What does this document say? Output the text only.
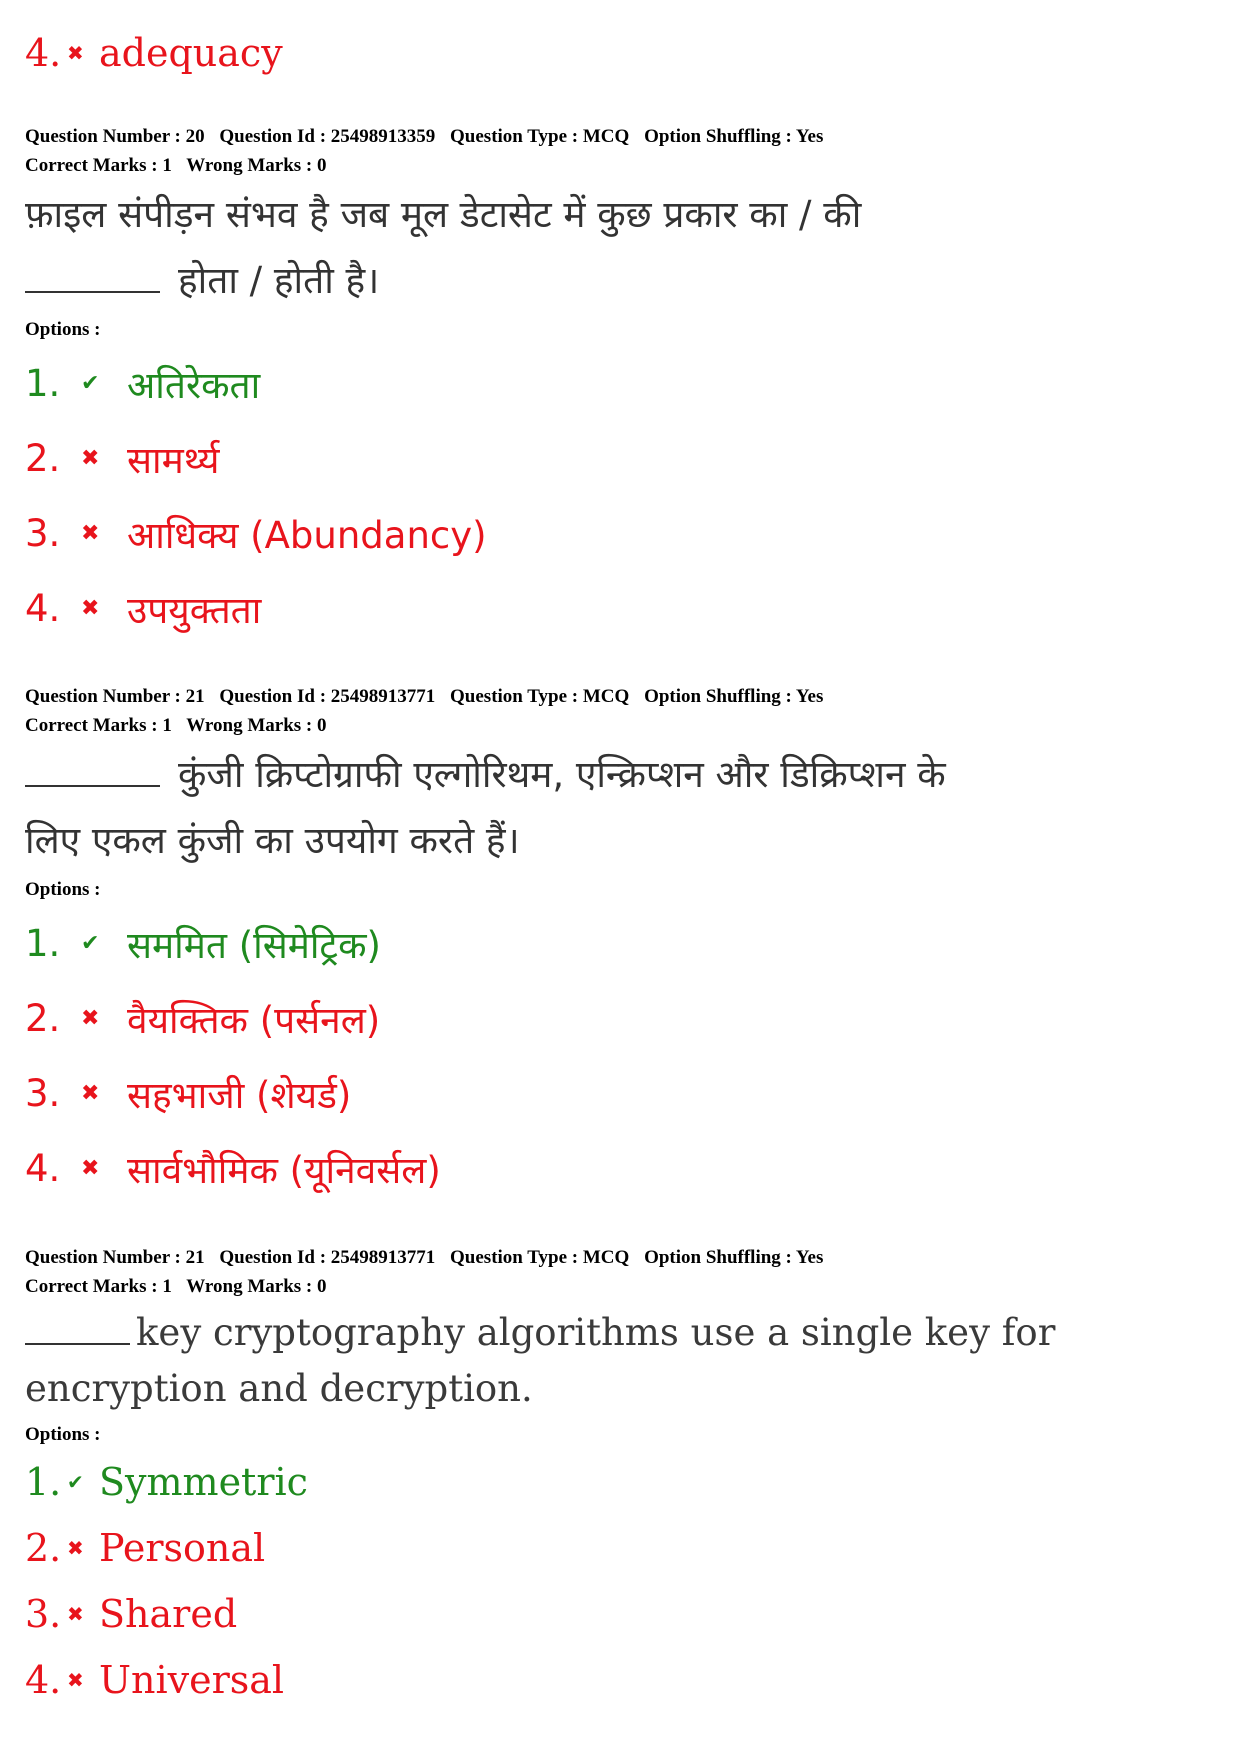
4. ✖ adequacy
Question Number : 20 Question Id : 25498913359 Question Type : MCQ Option Shuffling : Yes
Correct Marks : 1 Wrong Marks : 0
फ़ाइल संपीड़न संभव है जब मूल डेटासेट में कुछ प्रकार का / की
होता / होती है।
Options :
1. ✔ अतिरेकता
2. ✖ सामर्थ्य
3. ✖ आधिक्य (Abundancy)
4. ✖ उपयुक्तता
Question Number : 21 Question Id : 25498913771 Question Type : MCQ Option Shuffling : Yes
Correct Marks : 1 Wrong Marks : 0
कुंजी क्रिप्टोग्राफी एल्गोरिथम, एन्क्रिप्शन और डिक्रिप्शन के
लिए एकल कुंजी का उपयोग करते हैं।
Options :
1. ✔ सममित (सिमेट्रिक)
2. ✖ वैयक्तिक (पर्सनल)
3. ✖ सहभाजी (शेयर्ड)
4. ✖ सार्वभौमिक (यूनिवर्सल)
Question Number : 21 Question Id : 25498913771 Question Type : MCQ Option Shuffling : Yes
Correct Marks : 1 Wrong Marks : 0
key cryptography algorithms use a single key for
encryption and decryption.
Options :
1. ✔ Symmetric
2. ✖ Personal
3. ✖ Shared
4. ✖ Universal
